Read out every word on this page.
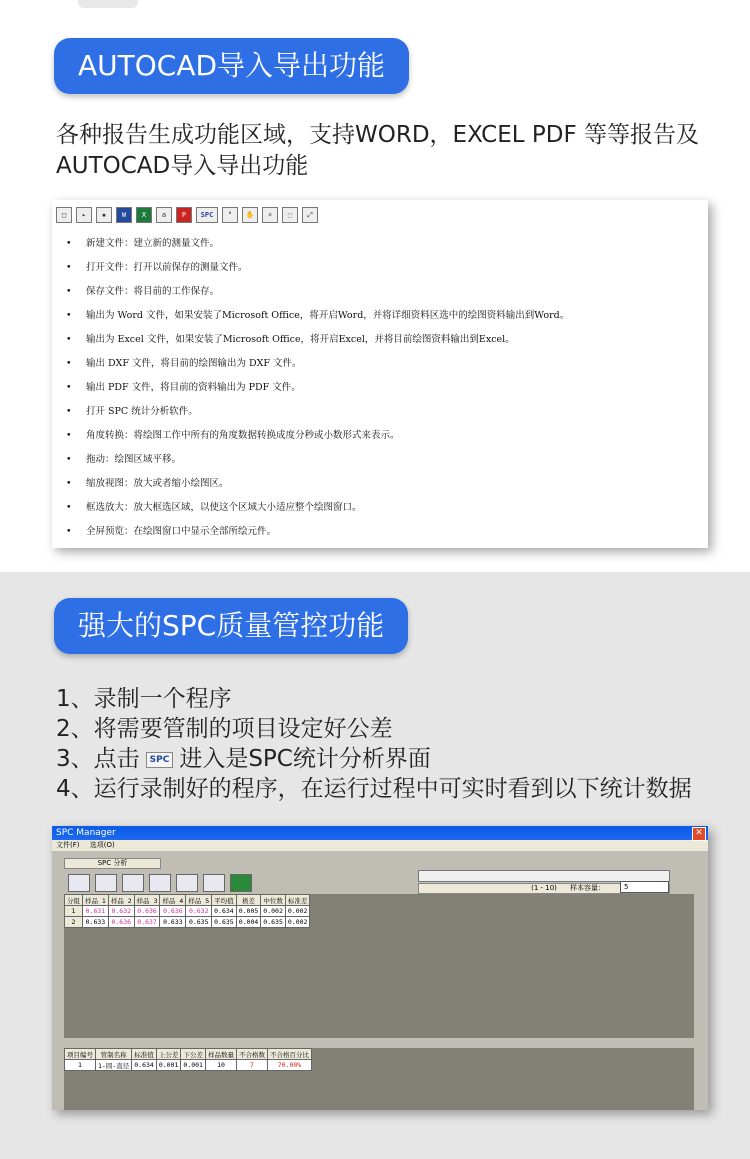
AUTOCAD导入导出功能
各种报告生成功能区域，支持WORD，EXCEL PDF 等等报告及AUTOCAD导入导出功能
□	▸	▪	W	X	a	P	SPC	°	✋	⌕	⬚	⤢
• 新建文件：建立新的测量文件。
• 打开文件：打开以前保存的测量文件。
• 保存文件：将目前的工作保存。
• 输出为 Word 文件，如果安装了Microsoft Office，将开启Word，并将详细资料区选中的绘图资料输出到Word。
• 输出为 Excel 文件，如果安装了Microsoft Office，将开启Excel，并将目前绘图资料输出到Excel。
• 输出 DXF 文件，将目前的绘图输出为 DXF 文件。
• 输出 PDF 文件，将目前的资料输出为 PDF 文件。
• 打开 SPC 统计分析软件。
• 角度转换：将绘图工作中所有的角度数据转换成度分秒或小数形式来表示。
• 拖动：绘图区域平移。
• 缩放视图：放大或者缩小绘图区。
• 框选放大：放大框选区域，以使这个区域大小适应整个绘图窗口。
• 全屏预览：在绘图窗口中显示全部所绘元件。
强大的SPC质量管控功能
1、录制一个程序
2、将需要管制的项目设定好公差
3、点击 SPC 进入是SPC统计分析界面
4、运行录制好的程序，在运行过程中可实时看到以下统计数据
SPC Manager	✕
文件(F) 选项(O)
SPC 分析
(1 - 10)	样本容量：	5
分组	样品 1	样品 2	样品 3	样品 4	样品 5	平均值	极差	中位数	标准差
1	0.631	0.632	0.636	0.636	0.632	0.634	0.005	0.002	0.002
2	0.633	0.636	0.637	0.633	0.635	0.635	0.004	0.635	0.002
项目编号	管制名称	标准值	上公差	下公差	样品数量	不合格数	不合格百分比
1	1-圆-直径	0.634	0.001	0.001	10	7	70.00%
